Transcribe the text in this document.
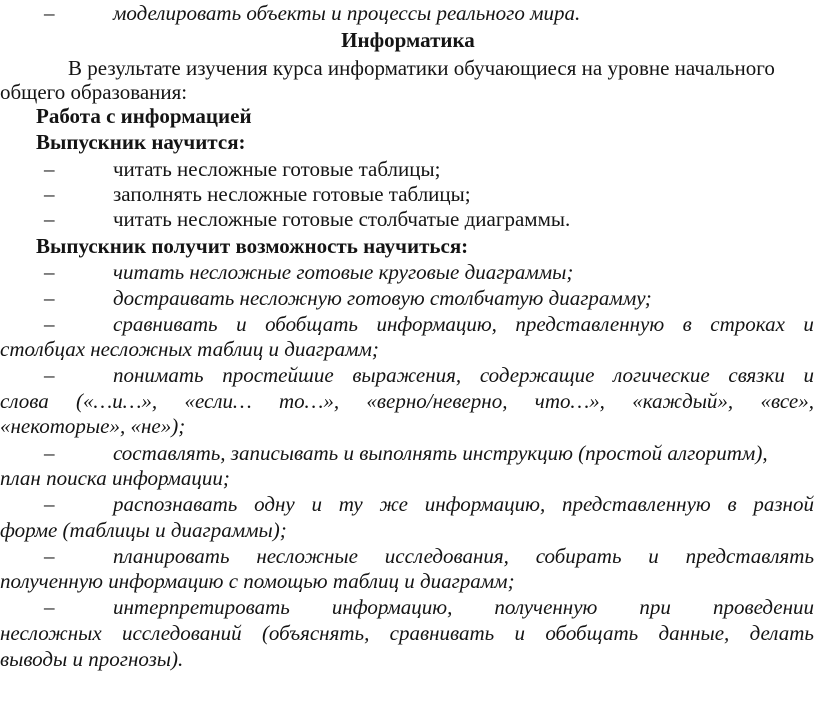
–	моделировать объекты и процессы реального мира.
Информатика
В результате изучения курса информатики обучающиеся на уровне начального
общего образования:
Работа с информацией
Выпускник научится:
–	читать несложные готовые таблицы;
–	заполнять несложные готовые таблицы;
–	читать несложные готовые столбчатые диаграммы.
Выпускник получит возможность научиться:
–	читать несложные готовые круговые диаграммы;
–	достраивать несложную готовую столбчатую диаграмму;
–	сравнивать и обобщать информацию, представленную в строках и
столбцах несложных таблиц и диаграмм;
–	понимать простейшие выражения, содержащие логические связки и
слова («…и…», «если… то…», «верно/неверно, что…», «каждый», «все»,
«некоторые», «не»);
–	составлять, записывать и выполнять инструкцию (простой алгоритм),
план поиска информации;
–	распознавать одну и ту же информацию, представленную в разной
форме (таблицы и диаграммы);
–	планировать несложные исследования, собирать и представлять
полученную информацию с помощью таблиц и диаграмм;
–	интерпретировать информацию, полученную при проведении
несложных исследований (объяснять, сравнивать и обобщать данные, делать
выводы и прогнозы).
